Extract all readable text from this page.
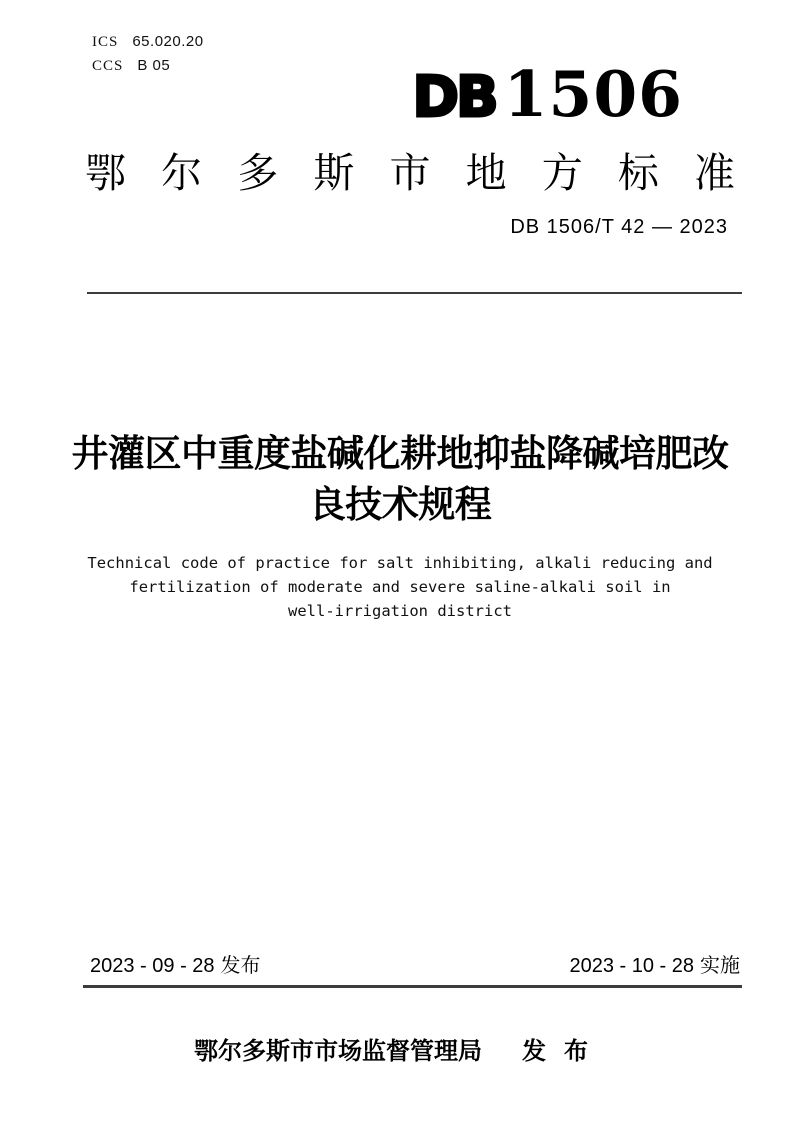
ICS 65.020.20
CCS B 05	DB 1506
鄂 尔 多 斯 市 地 方 标 准
DB 1506/T 42 — 2023
井灌区中重度盐碱化耕地抑盐降碱培肥改
良技术规程
Technical code of practice for salt inhibiting, alkali reducing and
fertilization of moderate and severe saline-alkali soil in
well-irrigation district
2023 - 09 - 28 发布	2023 - 10 - 28 实施
鄂尔多斯市市场监督管理局 发布
